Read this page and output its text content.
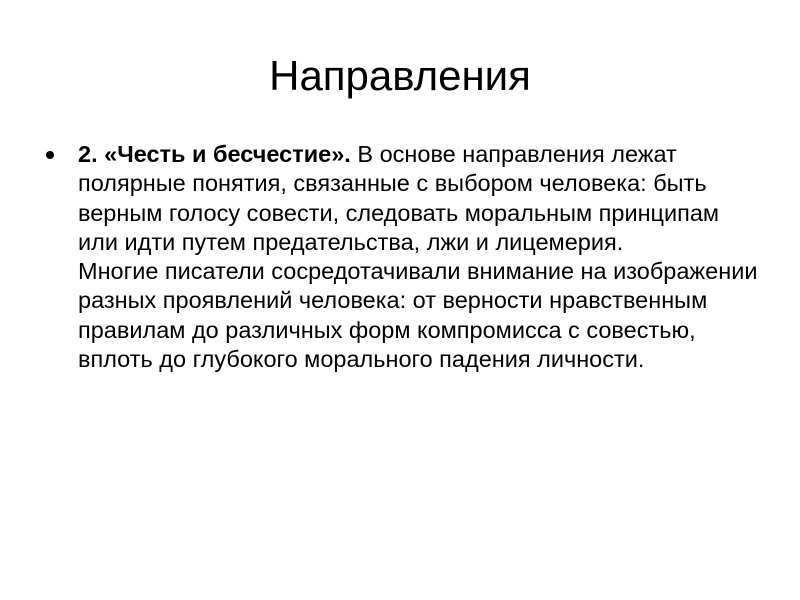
Направления
2. «Честь и бесчестие». В основе направления лежат полярные понятия, связанные с выбором человека: быть верным голосу совести, следовать моральным принципам или идти путем предательства, лжи и лицемерия.
Многие писатели сосредотачивали внимание на изображении разных проявлений человека: от верности нравственным правилам до различных форм компромисса с совестью, вплоть до глубокого морального падения личности.
